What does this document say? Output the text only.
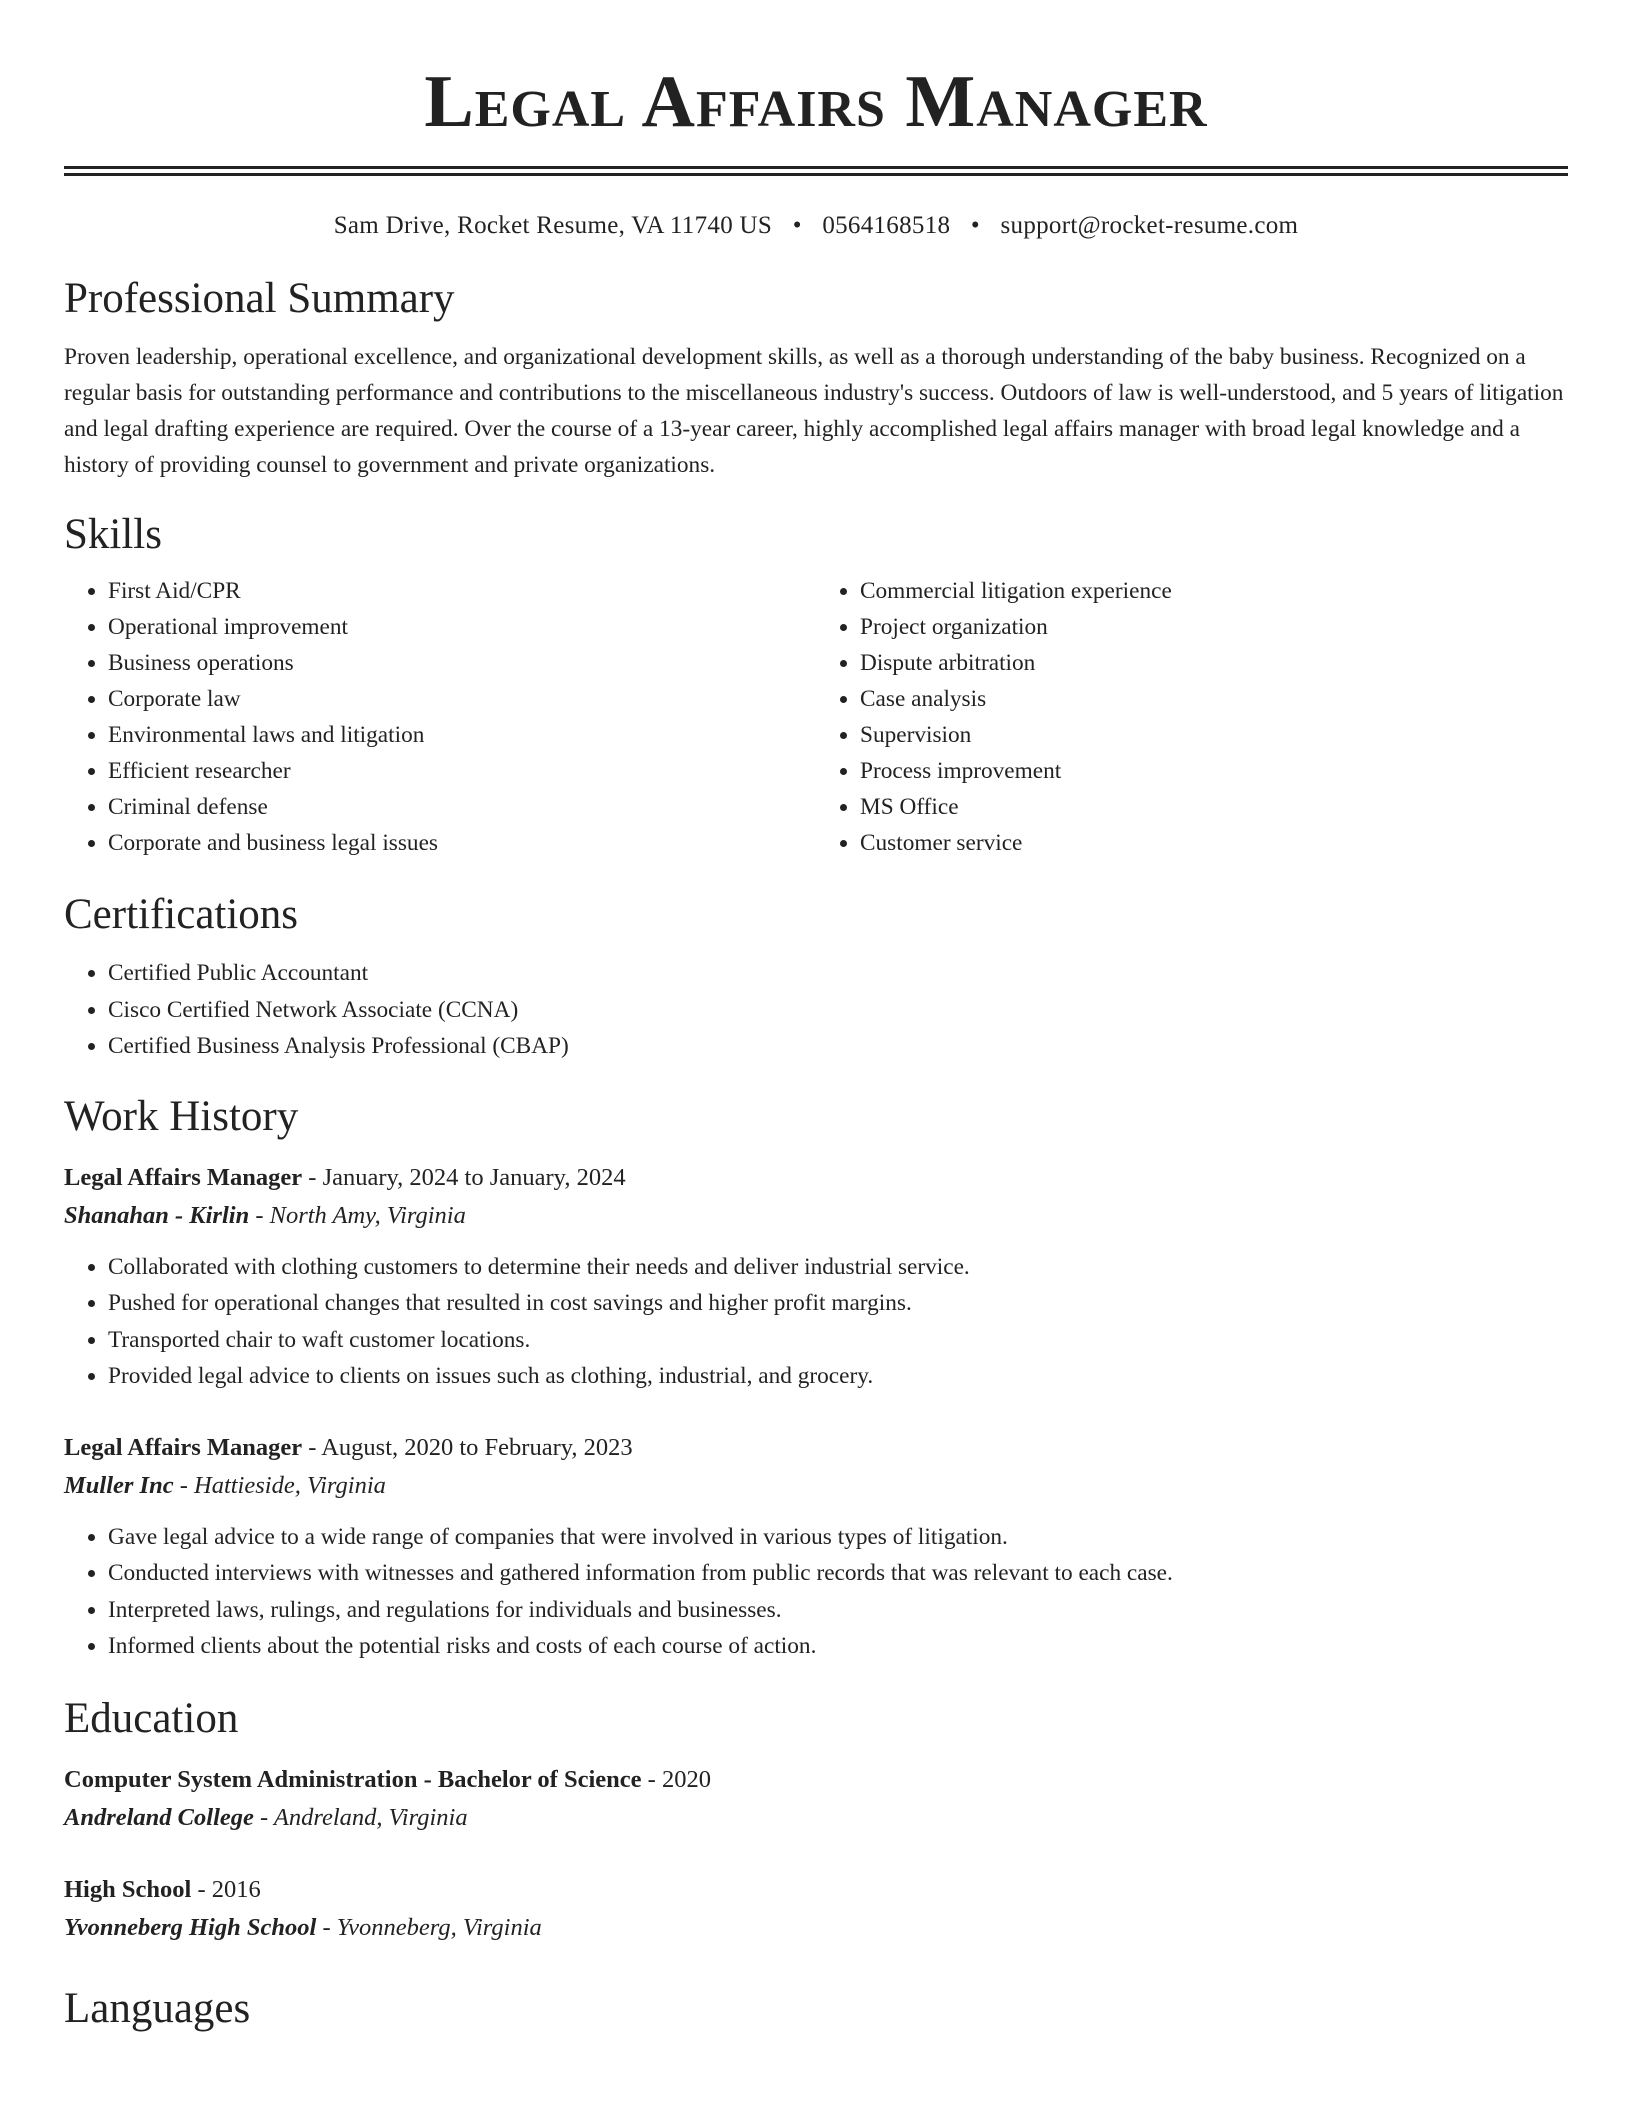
Legal Affairs Manager
Sam Drive, Rocket Resume, VA 11740 US • 0564168518 • support@rocket-resume.com
Professional Summary

Proven leadership, operational excellence, and organizational development skills, as well as a thorough understanding of the baby business. Recognized on a regular basis for outstanding performance and contributions to the miscellaneous industry's success. Outdoors of law is well-understood, and 5 years of litigation and legal drafting experience are required. Over the course of a 13-year career, highly accomplished legal affairs manager with broad legal knowledge and a history of providing counsel to government and private organizations.

Skills
• First Aid/CPR
• Operational improvement
• Business operations
• Corporate law
• Environmental laws and litigation
• Efficient researcher
• Criminal defense
• Corporate and business legal issues
• Commercial litigation experience
• Project organization
• Dispute arbitration
• Case analysis
• Supervision
• Process improvement
• MS Office
• Customer service
Certifications
• Certified Public Accountant
• Cisco Certified Network Associate (CCNA)
• Certified Business Analysis Professional (CBAP)
Work History
Legal Affairs Manager - January, 2024 to January, 2024
Shanahan - Kirlin - North Amy, Virginia
• Collaborated with clothing customers to determine their needs and deliver industrial service.
• Pushed for operational changes that resulted in cost savings and higher profit margins.
• Transported chair to waft customer locations.
• Provided legal advice to clients on issues such as clothing, industrial, and grocery.
Legal Affairs Manager - August, 2020 to February, 2023
Muller Inc - Hattieside, Virginia
• Gave legal advice to a wide range of companies that were involved in various types of litigation.
• Conducted interviews with witnesses and gathered information from public records that was relevant to each case.
• Interpreted laws, rulings, and regulations for individuals and businesses.
• Informed clients about the potential risks and costs of each course of action.
Education
Computer System Administration - Bachelor of Science - 2020
Andreland College - Andreland, Virginia
High School - 2016
Yvonneberg High School - Yvonneberg, Virginia
Languages
